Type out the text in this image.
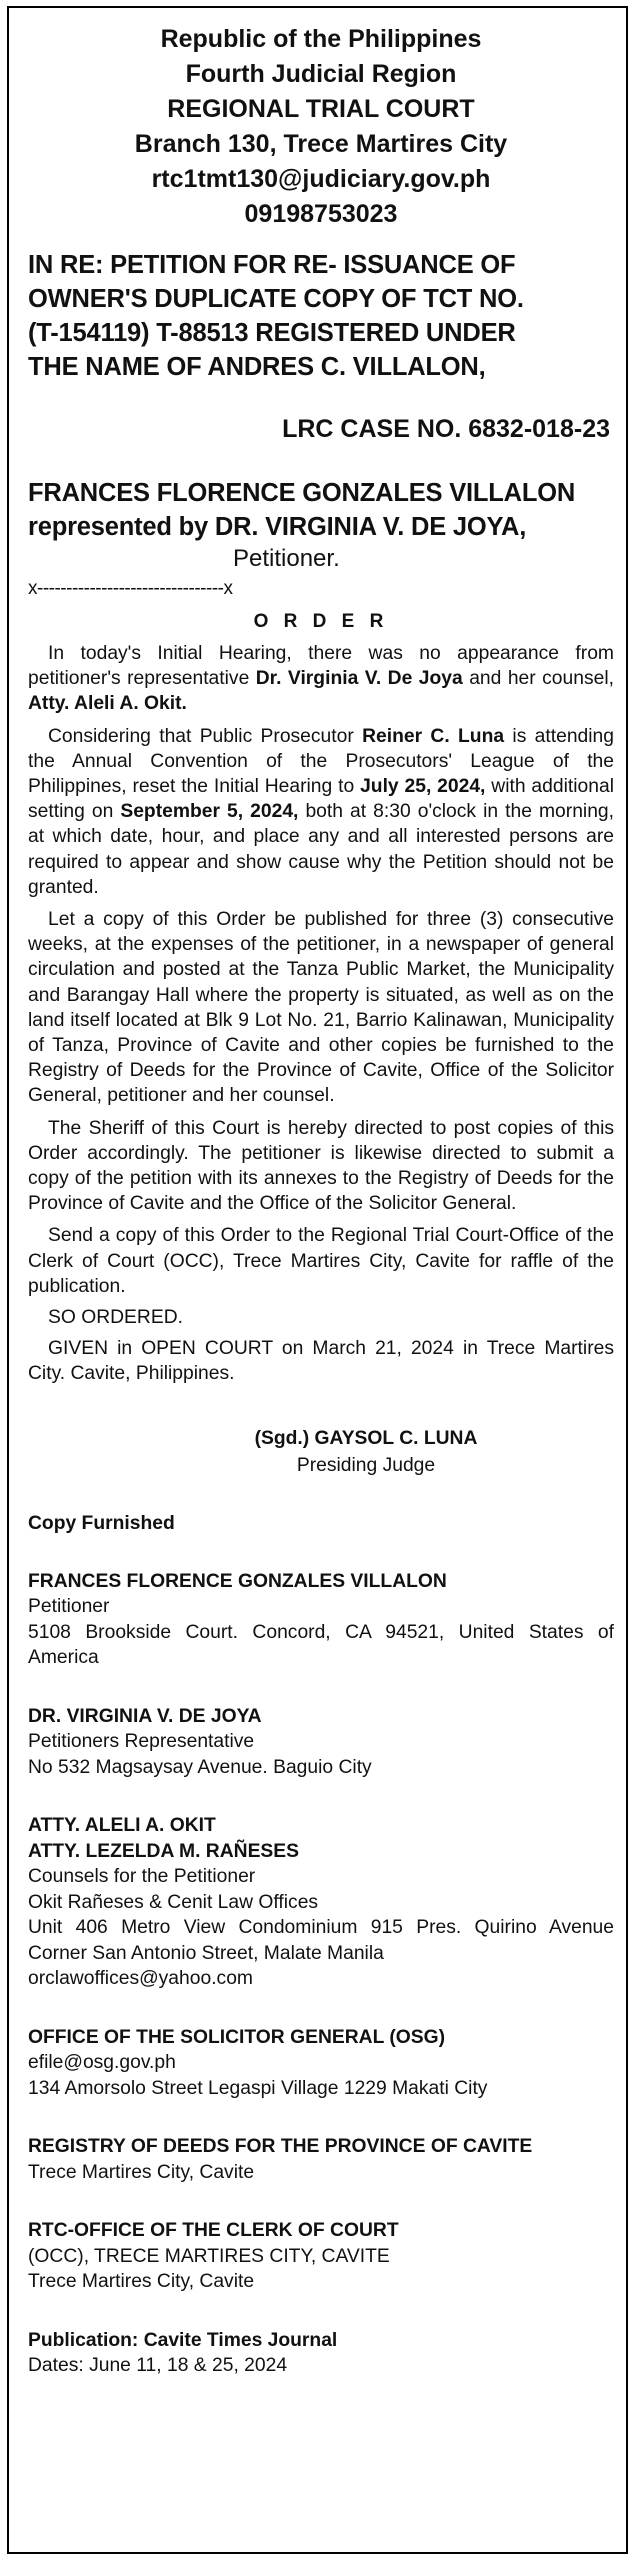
Republic of the Philippines
Fourth Judicial Region
REGIONAL TRIAL COURT
Branch 130, Trece Martires City
rtc1tmt130@judiciary.gov.ph
09198753023
IN RE: PETITION FOR RE- ISSUANCE OF
OWNER'S DUPLICATE COPY OF TCT NO.
(T-154119) T-88513 REGISTERED UNDER
THE NAME OF ANDRES C. VILLALON,
LRC CASE NO. 6832-018-23
FRANCES FLORENCE GONZALES VILLALON
represented by DR. VIRGINIA V. DE JOYA,
Petitioner.
x--------------------------------x
O R D E R
In today's Initial Hearing, there was no appearance from petitioner's representative Dr. Virginia V. De Joya and her counsel, Atty. Aleli A. Okit.
Considering that Public Prosecutor Reiner C. Luna is attending the Annual Convention of the Prosecutors' League of the Philippines, reset the Initial Hearing to July 25, 2024, with additional setting on September 5, 2024, both at 8:30 o'clock in the morning, at which date, hour, and place any and all interested persons are required to appear and show cause why the Petition should not be granted.
Let a copy of this Order be published for three (3) consecutive weeks, at the expenses of the petitioner, in a newspaper of general circulation and posted at the Tanza Public Market, the Municipality and Barangay Hall where the property is situated, as well as on the land itself located at Blk 9 Lot No. 21, Barrio Kalinawan, Municipality of Tanza, Province of Cavite and other copies be furnished to the Registry of Deeds for the Province of Cavite, Office of the Solicitor General, petitioner and her counsel.
The Sheriff of this Court is hereby directed to post copies of this Order accordingly. The petitioner is likewise directed to submit a copy of the petition with its annexes to the Registry of Deeds for the Province of Cavite and the Office of the Solicitor General.
Send a copy of this Order to the Regional Trial Court-Office of the Clerk of Court (OCC), Trece Martires City, Cavite for raffle of the publication.
SO ORDERED.
GIVEN in OPEN COURT on March 21, 2024 in Trece Martires City. Cavite, Philippines.
(Sgd.) GAYSOL C. LUNA
Presiding Judge
Copy Furnished
FRANCES FLORENCE GONZALES VILLALON
Petitioner
5108 Brookside Court. Concord, CA 94521, United States of America
DR. VIRGINIA V. DE JOYA
Petitioners Representative
No 532 Magsaysay Avenue. Baguio City
ATTY. ALELI A. OKIT
ATTY. LEZELDA M. RAÑESES
Counsels for the Petitioner
Okit Rañeses & Cenit Law Offices
Unit 406 Metro View Condominium 915 Pres. Quirino Avenue Corner San Antonio Street, Malate Manila
orclawoffices@yahoo.com
OFFICE OF THE SOLICITOR GENERAL (OSG)
efile@osg.gov.ph
134 Amorsolo Street Legaspi Village 1229 Makati City
REGISTRY OF DEEDS FOR THE PROVINCE OF CAVITE
Trece Martires City, Cavite
RTC-OFFICE OF THE CLERK OF COURT
(OCC), TRECE MARTIRES CITY, CAVITE
Trece Martires City, Cavite
Publication: Cavite Times Journal
Dates: June 11, 18 & 25, 2024
